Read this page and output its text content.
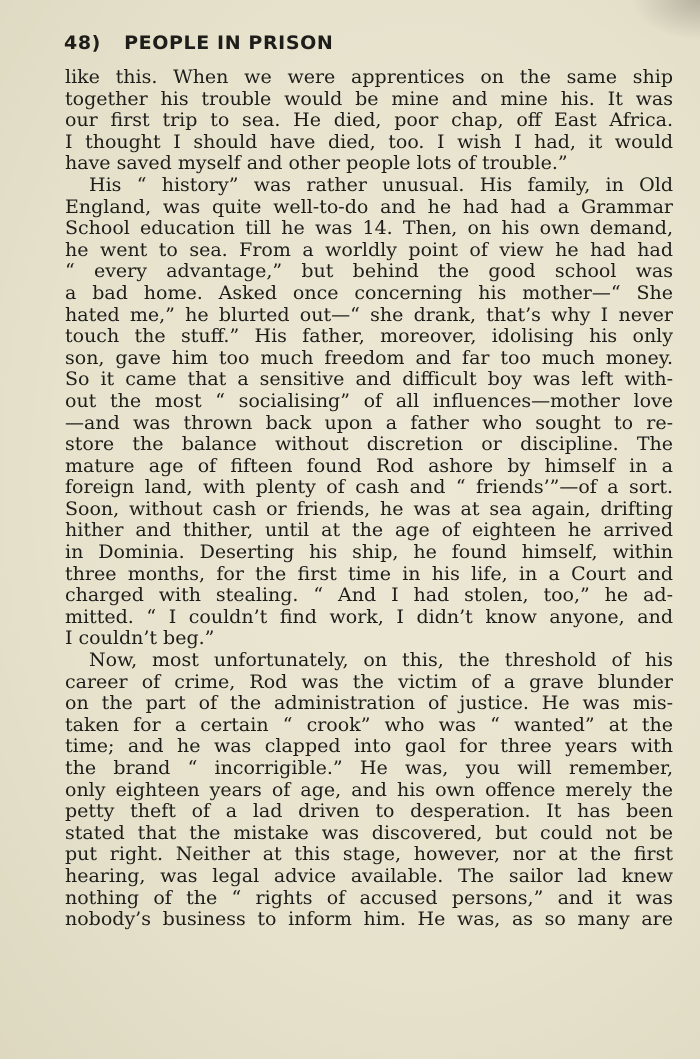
48) PEOPLE IN PRISON
like this. When we were apprentices on the same ship
together his trouble would be mine and mine his. It was
our first trip to sea. He died, poor chap, off East Africa.
I thought I should have died, too. I wish I had, it would
have saved myself and other people lots of trouble.”
His “ history” was rather unusual. His family, in Old
England, was quite well-to-do and he had had a Grammar
School education till he was 14. Then, on his own demand,
he went to sea. From a worldly point of view he had had
“ every advantage,” but behind the good school was
a bad home. Asked once concerning his mother—“ She
hated me,” he blurted out—“ she drank, that’s why I never
touch the stuff.” His father, moreover, idolising his only
son, gave him too much freedom and far too much money.
So it came that a sensitive and difficult boy was left with-
out the most “ socialising” of all influences—mother love
—and was thrown back upon a father who sought to re-
store the balance without discretion or discipline. The
mature age of fifteen found Rod ashore by himself in a
foreign land, with plenty of cash and “ friends’”—of a sort.
Soon, without cash or friends, he was at sea again, drifting
hither and thither, until at the age of eighteen he arrived
in Dominia. Deserting his ship, he found himself, within
three months, for the first time in his life, in a Court and
charged with stealing. “ And I had stolen, too,” he ad-
mitted. “ I couldn’t find work, I didn’t know anyone, and
I couldn’t beg.”
Now, most unfortunately, on this, the threshold of his
career of crime, Rod was the victim of a grave blunder
on the part of the administration of justice. He was mis-
taken for a certain “ crook” who was “ wanted” at the
time; and he was clapped into gaol for three years with
the brand “ incorrigible.” He was, you will remember,
only eighteen years of age, and his own offence merely the
petty theft of a lad driven to desperation. It has been
stated that the mistake was discovered, but could not be
put right. Neither at this stage, however, nor at the first
hearing, was legal advice available. The sailor lad knew
nothing of the “ rights of accused persons,” and it was
nobody’s business to inform him. He was, as so many are
